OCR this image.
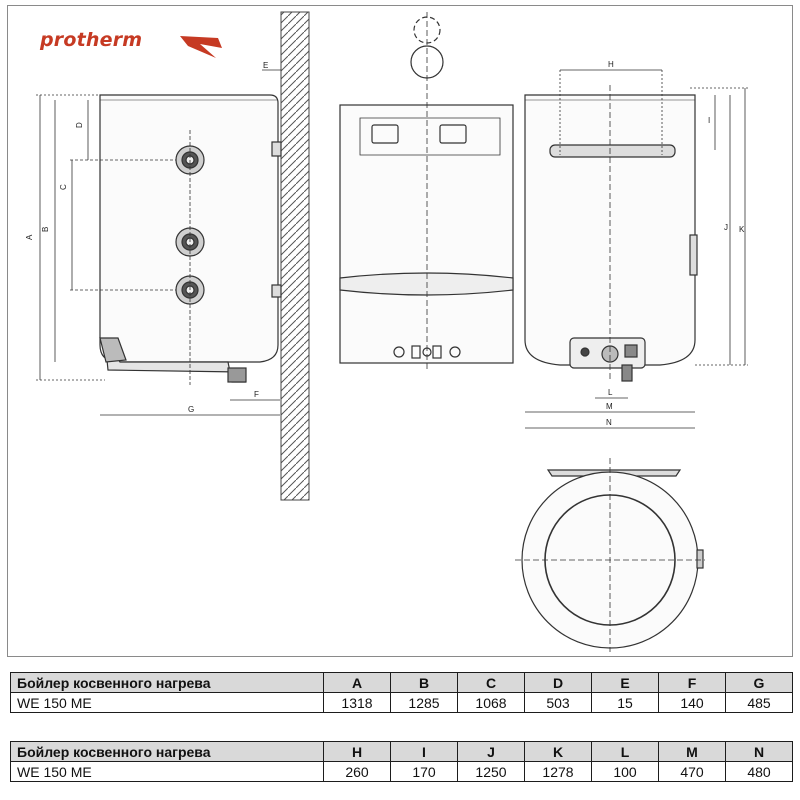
protherm
A
B
C
D
E
F
G
H
I
J K
L
M
N
Бойлер косвенного нагрева	A	B	C	D	E	F	G
WE 150 ME	1318	1285	1068	503	15	140	485
Бойлер косвенного нагрева	H	I	J	K	L	M	N
WE 150 ME	260	170	1250	1278	100	470	480
